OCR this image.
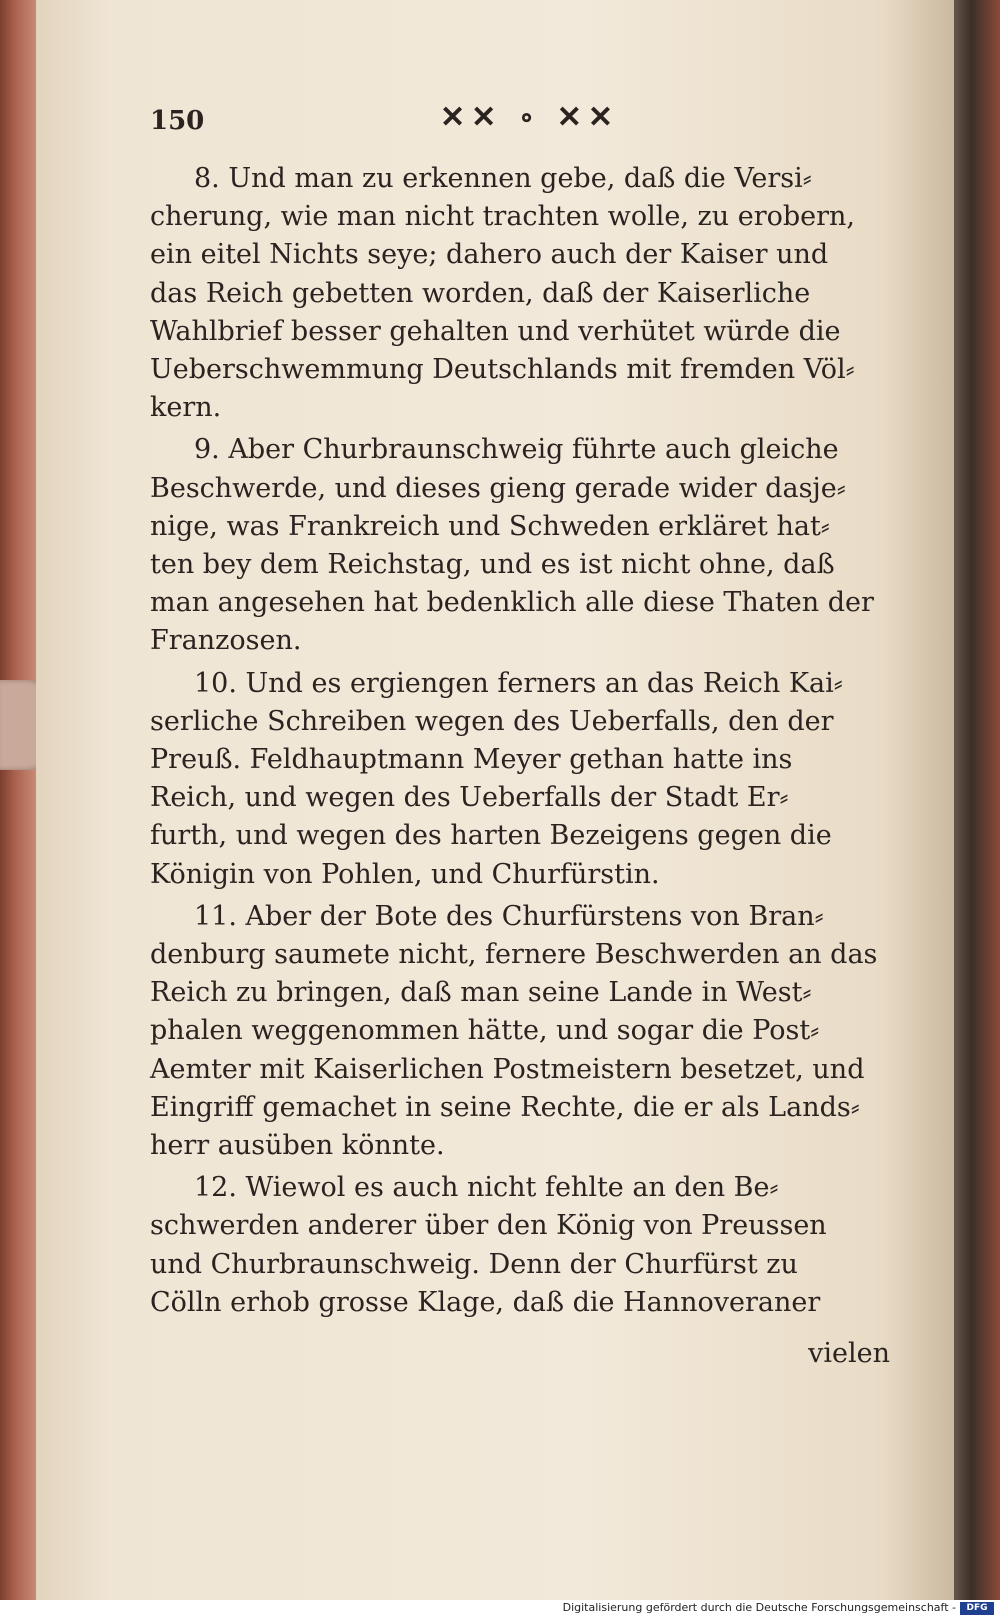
150	✕✕ ∘ ✕✕
8. Und man zu erkennen gebe, daß die Versi⸗
cherung, wie man nicht trachten wolle, zu erobern,
ein eitel Nichts seye; dahero auch der Kaiser und
das Reich gebetten worden, daß der Kaiserliche
Wahlbrief besser gehalten und verhütet würde die
Ueberschwemmung Deutschlands mit fremden Völ⸗
kern.
9. Aber Churbraunschweig führte auch gleiche
Beschwerde, und dieses gieng gerade wider dasje⸗
nige, was Frankreich und Schweden erkläret hat⸗
ten bey dem Reichstag, und es ist nicht ohne, daß
man angesehen hat bedenklich alle diese Thaten der
Franzosen.
10. Und es ergiengen ferners an das Reich Kai⸗
serliche Schreiben wegen des Ueberfalls, den der
Preuß. Feldhauptmann Meyer gethan hatte ins
Reich, und wegen des Ueberfalls der Stadt Er⸗
furth, und wegen des harten Bezeigens gegen die
Königin von Pohlen, und Churfürstin.
11. Aber der Bote des Churfürstens von Bran⸗
denburg saumete nicht, fernere Beschwerden an das
Reich zu bringen, daß man seine Lande in West⸗
phalen weggenommen hätte, und sogar die Post⸗
Aemter mit Kaiserlichen Postmeistern besetzet, und
Eingriff gemachet in seine Rechte, die er als Lands⸗
herr ausüben könnte.
12. Wiewol es auch nicht fehlte an den Be⸗
schwerden anderer über den König von Preussen
und Churbraunschweig. Denn der Churfürst zu
Cölln erhob grosse Klage, daß die Hannoveraner
vielen
Digitalisierung gefördert durch die Deutsche Forschungsgemeinschaft -	DFG
